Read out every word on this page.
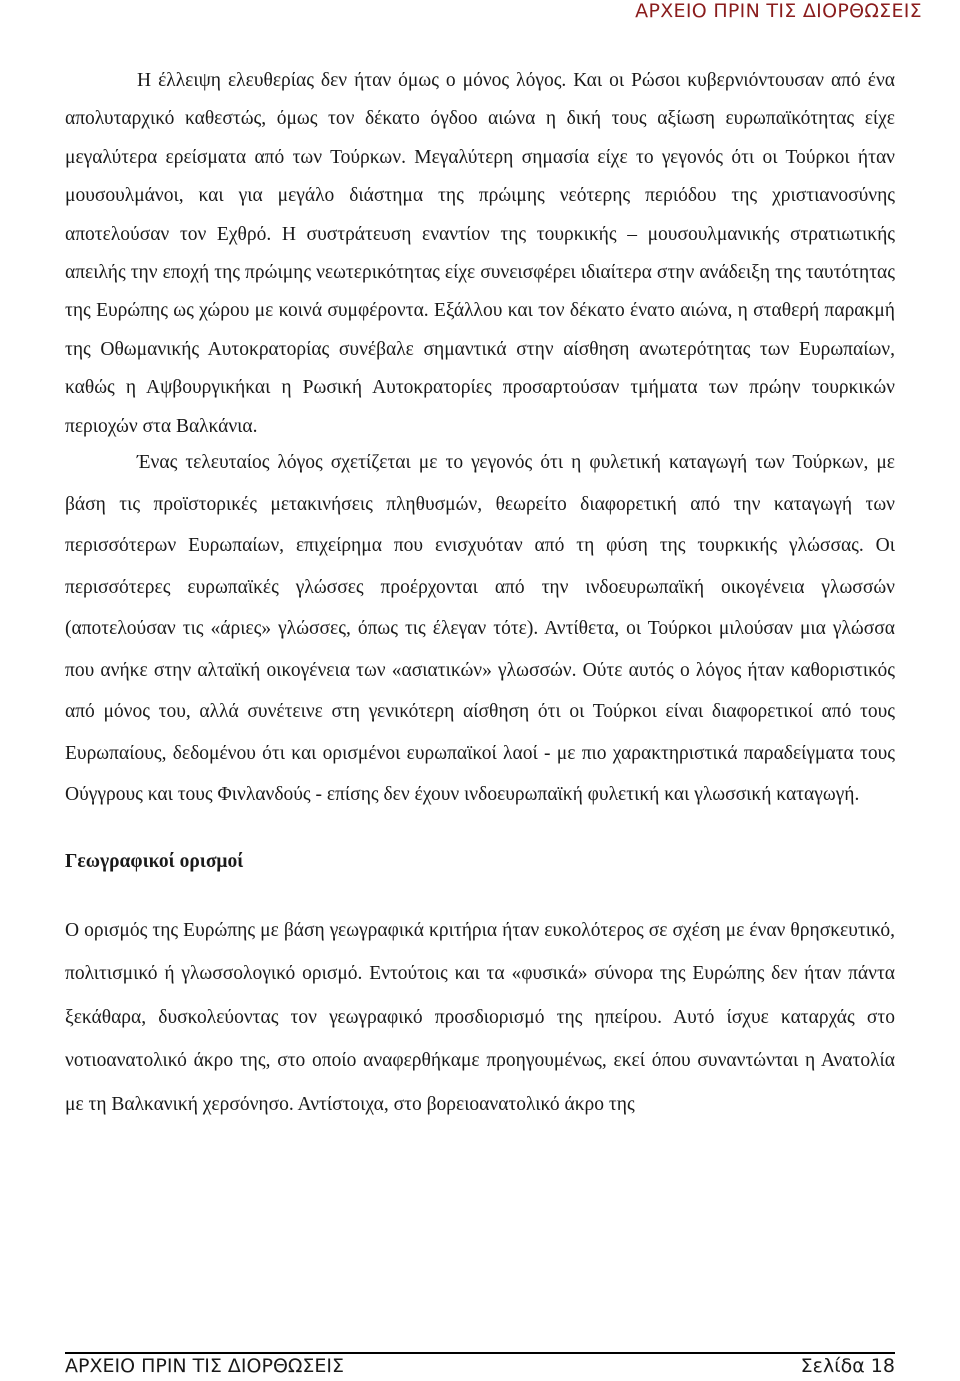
ΑΡΧΕΙΟ ΠΡΙΝ ΤΙΣ ΔΙΟΡΘΩΣΕΙΣ

Η έλλειψη ελευθερίας δεν ήταν όμως ο μόνος λόγος. Και οι Ρώσοι κυβερνιόντουσαν από ένα απολυταρχικό καθεστώς, όμως τον δέκατο όγδοο αιώνα η δική τους αξίωση ευρωπαϊκότητας είχε μεγαλύτερα ερείσματα από των Τούρκων. Μεγαλύτερη σημασία είχε το γεγονός ότι οι Τούρκοι ήταν μουσουλμάνοι, και για μεγάλο διάστημα της πρώιμης νεότερης περιόδου της χριστιανοσύνης αποτελούσαν τον Εχθρό. Η συστράτευση εναντίον της τουρκικής – μουσουλμανικής στρατιωτικής απειλής την εποχή της πρώιμης νεωτερικότητας είχε συνεισφέρει ιδιαίτερα στην ανάδειξη της ταυτότητας της Ευρώπης ως χώρου με κοινά συμφέροντα. Εξάλλου και τον δέκατο ένατο αιώνα, η σταθερή παρακμή της Οθωμανικής Αυτοκρατορίας συνέβαλε σημαντικά στην αίσθηση ανωτερότητας των Ευρωπαίων, καθώς η Αψβουργικήκαι η Ρωσική Αυτοκρατορίες προσαρτούσαν τμήματα των πρώην τουρκικών περιοχών στα Βαλκάνια.

Ένας τελευταίος λόγος σχετίζεται με το γεγονός ότι η φυλετική καταγωγή των Τούρκων, με βάση τις προϊστορικές μετακινήσεις πληθυσμών, θεωρείτο διαφορετική από την καταγωγή των περισσότερων Ευρωπαίων, επιχείρημα που ενισχυόταν από τη φύση της τουρκικής γλώσσας. Οι περισσότερες ευρωπαϊκές γλώσσες προέρχονται από την ινδοευρωπαϊκή οικογένεια γλωσσών (αποτελούσαν τις «άριες» γλώσσες, όπως τις έλεγαν τότε). Αντίθετα, οι Τούρκοι μιλούσαν μια γλώσσα που ανήκε στην αλταϊκή οικογένεια των «ασιατικών» γλωσσών. Ούτε αυτός ο λόγος ήταν καθοριστικός από μόνος του, αλλά συνέτεινε στη γενικότερη αίσθηση ότι οι Τούρκοι είναι διαφορετικοί από τους Ευρωπαίους, δεδομένου ότι και ορισμένοι ευρωπαϊκοί λαοί - με πιο χαρακτηριστικά παραδείγματα τους Ούγγρους και τους Φινλανδούς - επίσης δεν έχουν ινδοευρωπαϊκή φυλετική και γλωσσική καταγωγή.

Γεωγραφικοί ορισμοί

Ο ορισμός της Ευρώπης με βάση γεωγραφικά κριτήρια ήταν ευκολότερος σε σχέση με έναν θρησκευτικό, πολιτισμικό ή γλωσσολογικό ορισμό. Εντούτοις και τα «φυσικά» σύνορα της Ευρώπης δεν ήταν πάντα ξεκάθαρα, δυσκολεύοντας τον γεωγραφικό προσδιορισμό της ηπείρου. Αυτό ίσχυε καταρχάς στο νοτιοανατολικό άκρο της, στο οποίο αναφερθήκαμε προηγουμένως, εκεί όπου συναντώνται η Ανατολία με τη Βαλκανική χερσόνησο. Αντίστοιχα, στο βορειοανατολικό άκρο της

ΑΡΧΕΙΟ ΠΡΙΝ ΤΙΣ ΔΙΟΡΘΩΣΕΙΣ	Σελίδα 18
